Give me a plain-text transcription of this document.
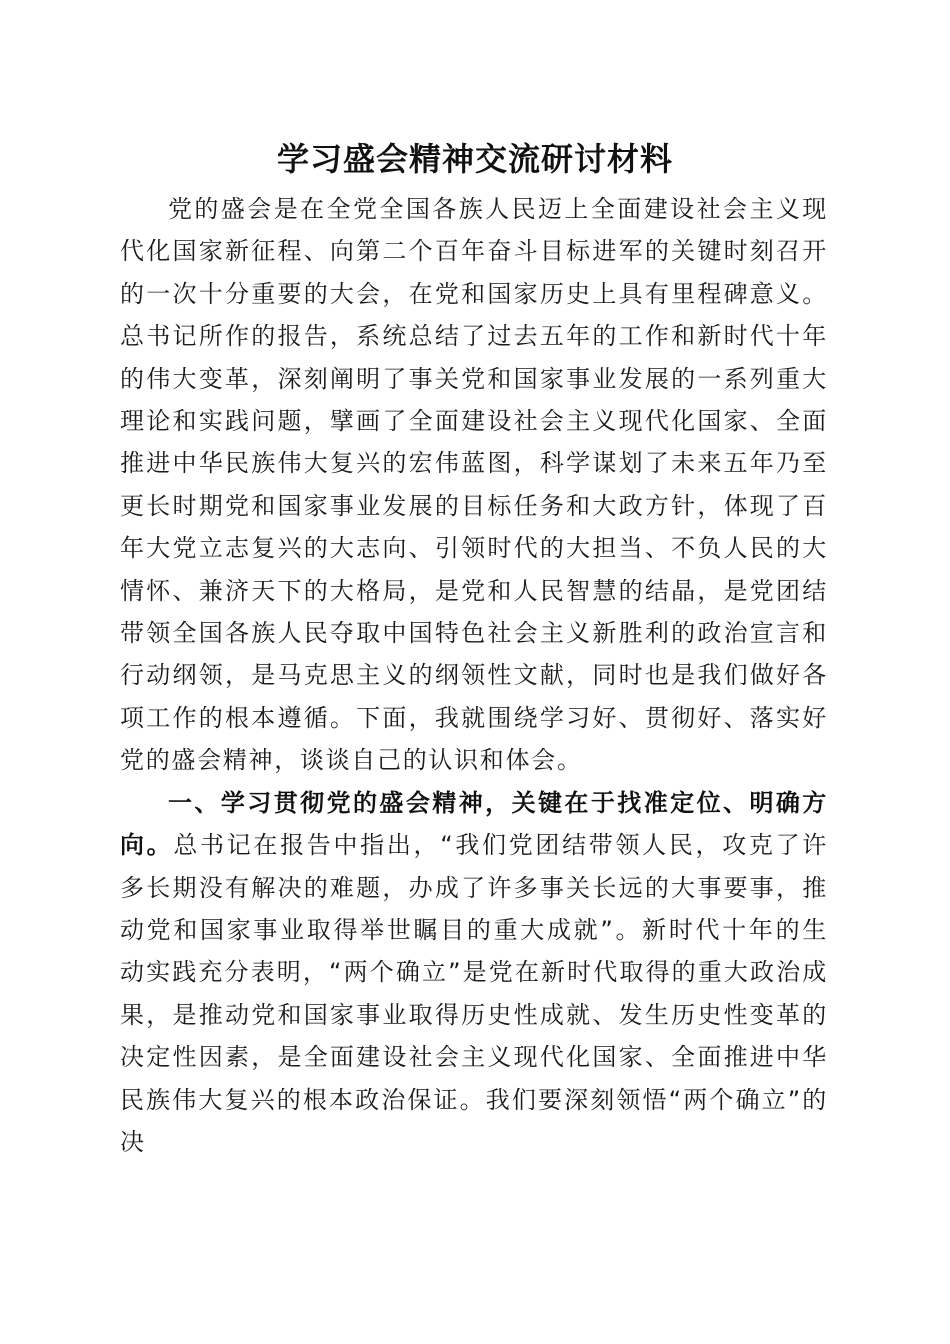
学习盛会精神交流研讨材料

党的盛会是在全党全国各族人民迈上全面建设社会主义现代化国家新征程、向第二个百年奋斗目标进军的关键时刻召开的一次十分重要的大会，在党和国家历史上具有里程碑意义。总书记所作的报告，系统总结了过去五年的工作和新时代十年的伟大变革，深刻阐明了事关党和国家事业发展的一系列重大理论和实践问题，擘画了全面建设社会主义现代化国家、全面推进中华民族伟大复兴的宏伟蓝图，科学谋划了未来五年乃至更长时期党和国家事业发展的目标任务和大政方针，体现了百年大党立志复兴的大志向、引领时代的大担当、不负人民的大情怀、兼济天下的大格局，是党和人民智慧的结晶，是党团结带领全国各族人民夺取中国特色社会主义新胜利的政治宣言和行动纲领，是马克思主义的纲领性文献，同时也是我们做好各项工作的根本遵循。下面，我就围绕学习好、贯彻好、落实好党的盛会精神，谈谈自己的认识和体会。

一、学习贯彻党的盛会精神，关键在于找准定位、明确方向。总书记在报告中指出，“我们党团结带领人民，攻克了许多长期没有解决的难题，办成了许多事关长远的大事要事，推动党和国家事业取得举世瞩目的重大成就”。新时代十年的生动实践充分表明，“两个确立”是党在新时代取得的重大政治成果，是推动党和国家事业取得历史性成就、发生历史性变革的决定性因素，是全面建设社会主义现代化国家、全面推进中华民族伟大复兴的根本政治保证。我们要深刻领悟“两个确立”的决
